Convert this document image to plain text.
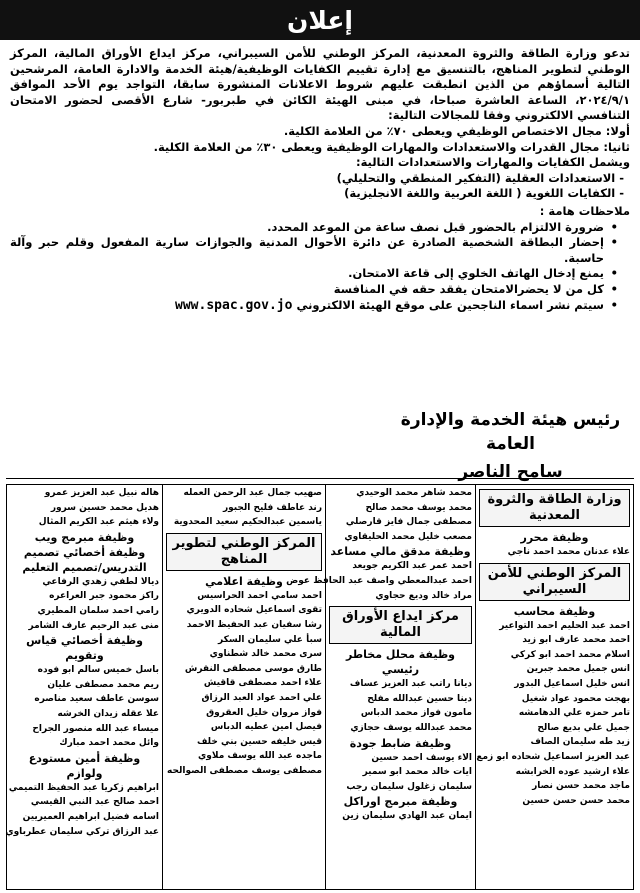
إعلان

تدعو وزارة الطاقة والثروة المعدنية، المركز الوطني للأمن السيبراني، مركز ايداع الأوراق المالية، المركز الوطني لتطوير المناهج، بالتنسيق مع إدارة تقييم الكفايات الوظيفية/هيئة الخدمة والادارة العامة، المرشحين التالية أسماؤهم من الذين انطبقت عليهم شروط الاعلانات المنشورة سابقا، التواجد يوم الأحد الموافق ٢٠٢٤/٩/١، الساعة العاشرة صباحا، في مبنى الهيئة الكائن في طبربور- شارع الأقصى لحضور الامتحان التنافسي الالكتروني وفقا للمجالات التالية:

أولا: مجال الاختصاص الوظيفي ويعطى ٧٠٪ من العلامة الكلية.

ثانيا: مجال القدرات والاستعدادات والمهارات الوظيفية ويعطى ٣٠٪ من العلامة الكلية.

ويشمل الكفايات والمهارات والاستعدادات التالية:

- الاستعدادات العقلية (التفكير المنطقي والتحليلي)

- الكفايات اللغوية ( اللغة العربية واللغة الانجليزية)

ملاحظات هامة :

• ضرورة الالتزام بالحضور قبل نصف ساعة من الموعد المحدد.
• إحضار البطاقة الشخصية الصادرة عن دائرة الأحوال المدنية والجوازات سارية المفعول وقلم حبر وآلة حاسبة.
• يمنع إدخال الهاتف الخلوي إلى قاعة الامتحان.
• كل من لا يحضرالامتحان يفقد حقه في المنافسة
• سيتم نشر اسماء الناجحين على موقع الهيئة الالكتروني www.spac.gov.jo
رئيس هيئة الخدمة والإدارة العامة
سامح الناصر
وزارة الطاقة والثروة المعدنية
وظيفة محرر
علاء عدنان محمد احمد ناجي
المركز الوطني للأمن السيبراني
وظيفة محاسب
احمد عبد الحليم احمد التواعير
احمد محمد عارف ابو زيد
اسلام محمد احمد ابو كركي
انس جميل محمد جبرين
انس خليل اسماعيل البدور
بهجت محمود عواد شغيل
تامر حمزه علي الدهامشه
جميل علي بديع صالح
زيد طه سليمان الصاف
عبد العزيز اسماعيل شحاده ابو زمع
علاء ارشيد عوده الخرابشه
ماجد محمد حسن نصار
محمد حسن حسن حسين
محمد شاهر محمد الوحيدي
محمد يوسف محمد صالح
مصطفى جمال فايز قارصلي
مصعب خليل محمد الحليقاوي
وظيفة مدقق مالي مساعد
احمد عمر عبد الكريم جويعد
احمد عبدالمعطي واصف عبد الحافظ عوض
مراد خالد وديع حجاوي
مركز ايداع الأوراق المالية
وظيفة محلل مخاطر رئيسي
ديانا راتب عبد العزيز عساف
دينا حسين عبدالله مفلح
مامون فواز محمد الدباس
محمد عبدالله يوسف حجازي
وظيفة ضابط جودة
الاء يوسف احمد حسين
ايات خالد محمد ابو سمير
سليمان زغلول سليمان رجب
وظيفة مبرمج اوراكل
ايمان عبد الهادي سليمان زين
صهيب جمال عبد الرحمن العمله
رند عاطف فليح الجبور
ياسمين عبدالحكيم سعيد المحدوية
المركز الوطني لتطوير المناهج
وظيفة اعلامي
احمد سامي احمد الحراسيس
تقوى اسماعيل شحاده الدويري
رشا سفيان عبد الحفيظ الاحمد
سبأ علي سليمان السكر
سرى محمد خالد شطناوي
طارق موسى مصطفى النقرش
علاء احمد مصطفى قاقيش
علي احمد عواد العبد الرزاق
فواز مروان خليل العقروق
فيصل امين عطيه الدباس
قيس خليفه حسين بني خلف
ماجده عبد الله يوسف ملاوي
مصطفى يوسف مصطفى الصوالحه
هاله نبيل عبد العزيز عمرو
هديل محمد حسين سرور
ولاء هيثم عبد الكريم المثال
وظيفة مبرمج ويب
وظيفة أخصائي تصميم التدريس/تصميم التعليم
ديالا لطفي زهدي الرفاعي
راكز محمود جبر العراعره
رامي احمد سلمان المطيري
منى عبد الرحيم عارف الشامر
وظيفة أخصائي قياس وتقويم
باسل خميس سالم ابو فوده
ريم محمد مصطفى عليان
سوسن عاطف سعيد مناصره
علا عقله زيدان الخرشه
ميساء عبد الله منصور الجراح
وائل محمد احمد مبارك
وظيفة أمين مستودع ولوازم
ابراهيم زكريا عبد الحفيظ التميمي
احمد صالح عبد النبي القيسي
اسامه فضيل ابراهيم العميريين
عبد الرزاق تركي سليمان عطرباوي
